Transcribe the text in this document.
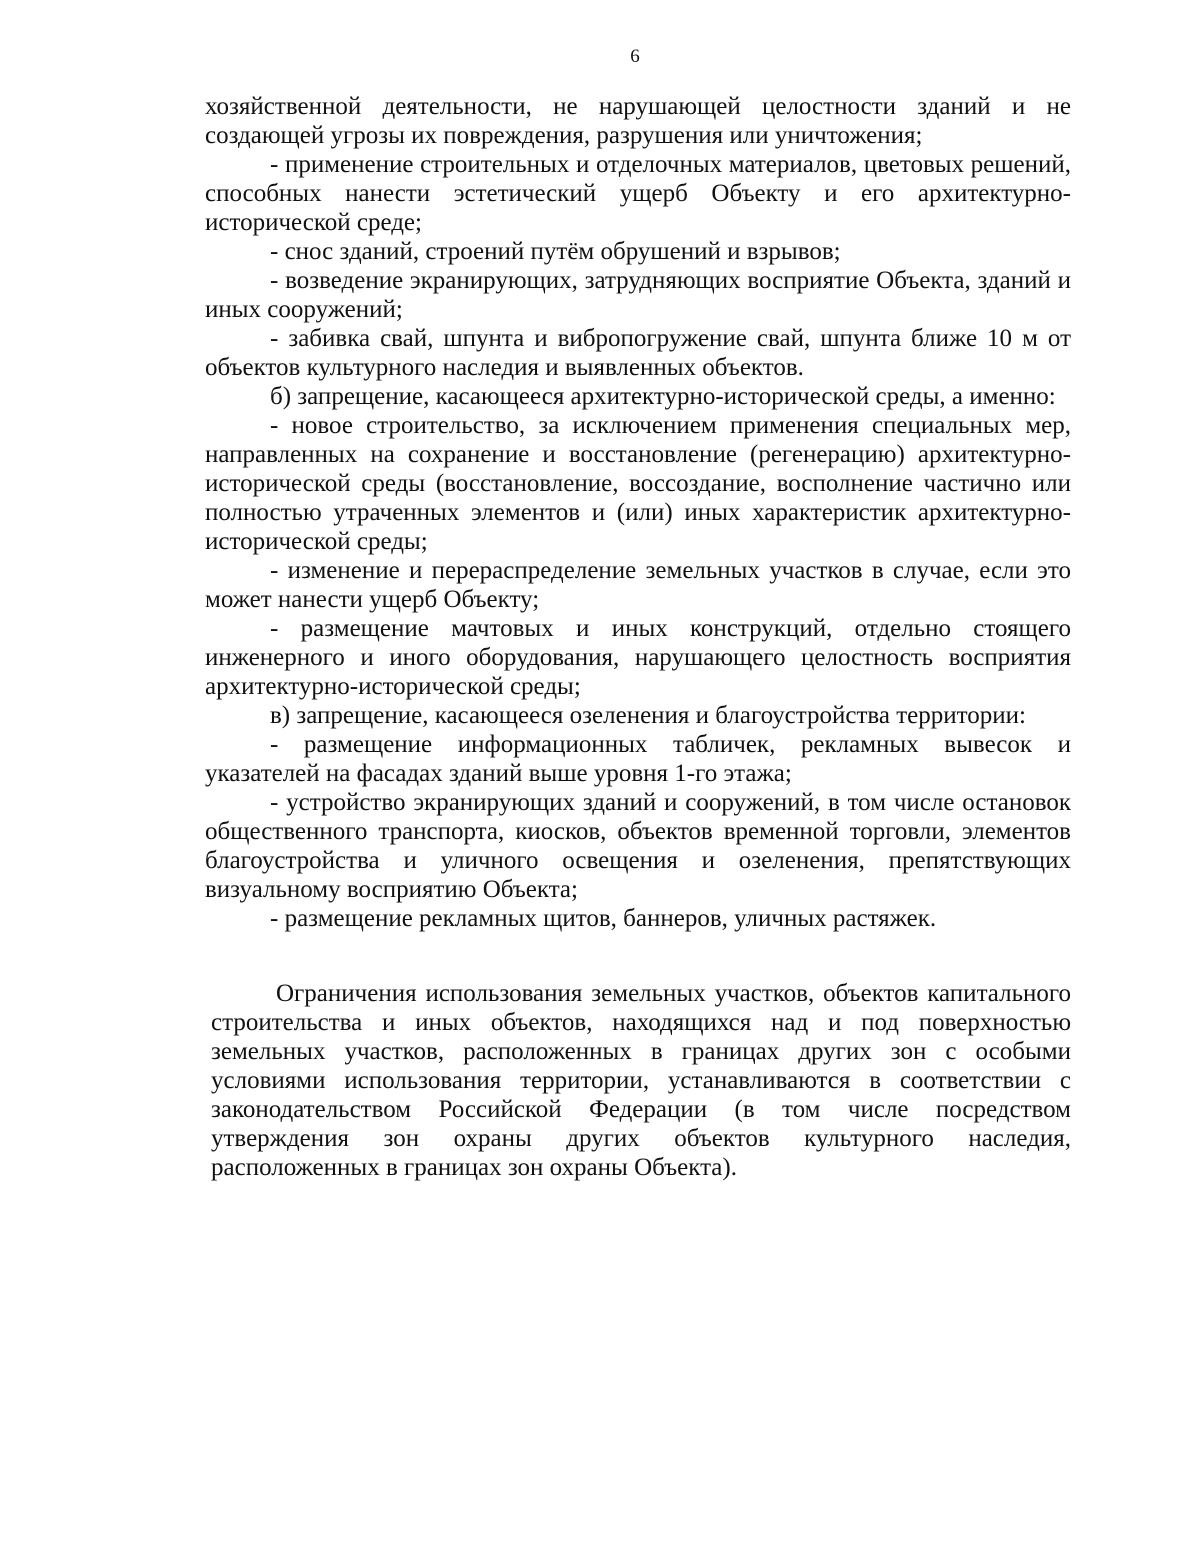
6

хозяйственной деятельности, не нарушающей целостности зданий и не создающей угрозы их повреждения, разрушения или уничтожения;

- применение строительных и отделочных материалов, цветовых решений, способных нанести эстетический ущерб Объекту и его архитектурно-исторической среде;

- снос зданий, строений путём обрушений и взрывов;

- возведение экранирующих, затрудняющих восприятие Объекта, зданий и иных сооружений;

- забивка свай, шпунта и вибропогружение свай, шпунта ближе 10 м от объектов культурного наследия и выявленных объектов.

б) запрещение, касающееся архитектурно-исторической среды, а именно:

- новое строительство, за исключением применения специальных мер, направленных на сохранение и восстановление (регенерацию) архитектурно-исторической среды (восстановление, воссоздание, восполнение частично или полностью утраченных элементов и (или) иных характеристик архитектурно-исторической среды;

- изменение и перераспределение земельных участков в случае, если это может нанести ущерб Объекту;

- размещение мачтовых и иных конструкций, отдельно стоящего инженерного и иного оборудования, нарушающего целостность восприятия архитектурно-исторической среды;

в) запрещение, касающееся озеленения и благоустройства территории:

- размещение информационных табличек, рекламных вывесок и указателей на фасадах зданий выше уровня 1-го этажа;

- устройство экранирующих зданий и сооружений, в том числе остановок общественного транспорта, киосков, объектов временной торговли, элементов благоустройства и уличного освещения и озеленения, препятствующих визуальному восприятию Объекта;

- размещение рекламных щитов, баннеров, уличных растяжек.

Ограничения использования земельных участков, объектов капитального строительства и иных объектов, находящихся над и под поверхностью земельных участков, расположенных в границах других зон с особыми условиями использования территории, устанавливаются в соответствии с законодательством Российской Федерации (в том числе посредством утверждения зон охраны других объектов культурного наследия, расположенных в границах зон охраны Объекта).
